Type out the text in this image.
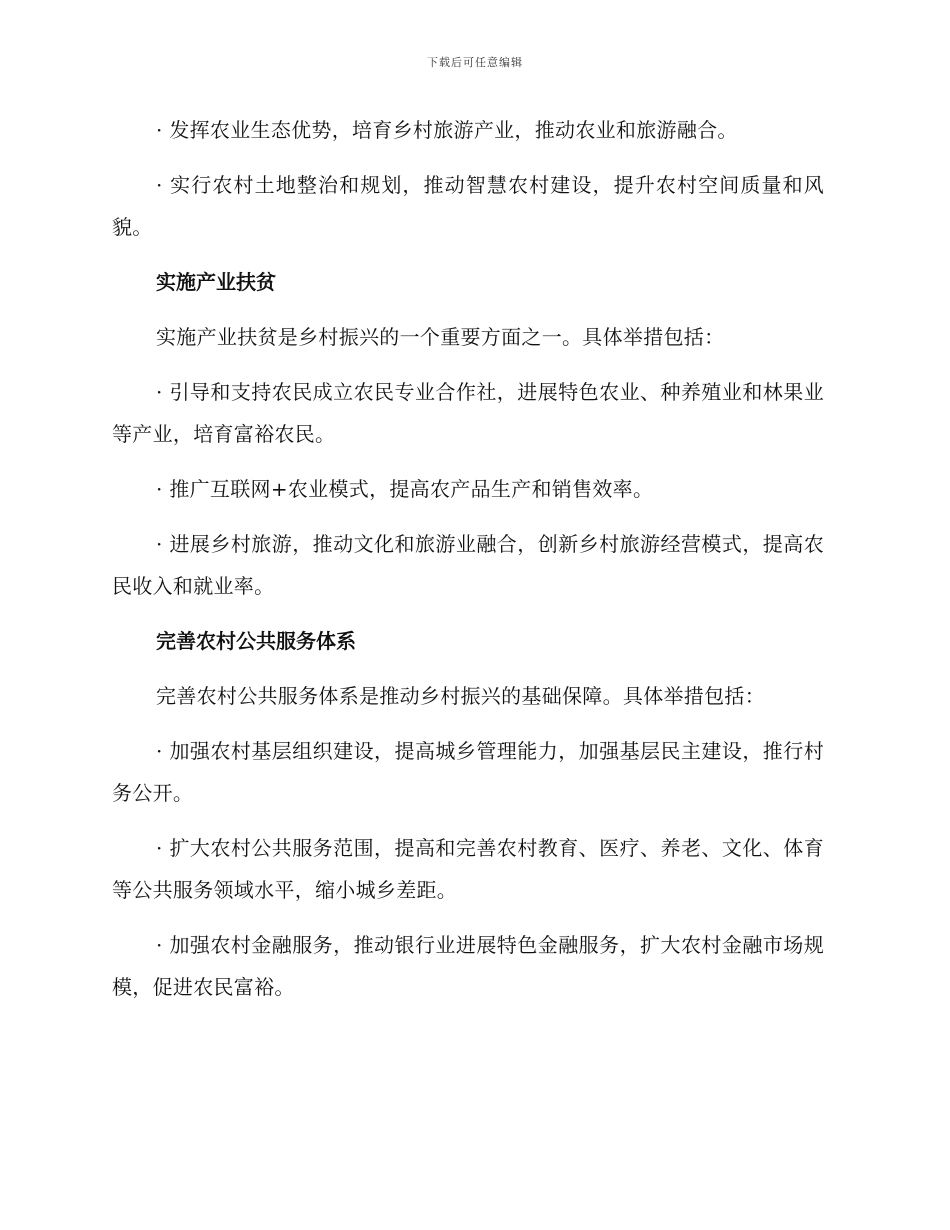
下载后可任意编辑

· 发挥农业生态优势，培育乡村旅游产业，推动农业和旅游融合。

· 实行农村土地整治和规划，推动智慧农村建设，提升农村空间质量和风貌。

实施产业扶贫

实施产业扶贫是乡村振兴的一个重要方面之一。具体举措包括：

· 引导和支持农民成立农民专业合作社，进展特色农业、种养殖业和林果业等产业，培育富裕农民。

· 推广互联网+农业模式，提高农产品生产和销售效率。

· 进展乡村旅游，推动文化和旅游业融合，创新乡村旅游经营模式，提高农民收入和就业率。

完善农村公共服务体系

完善农村公共服务体系是推动乡村振兴的基础保障。具体举措包括：

· 加强农村基层组织建设，提高城乡管理能力，加强基层民主建设，推行村务公开。

· 扩大农村公共服务范围，提高和完善农村教育、医疗、养老、文化、体育等公共服务领域水平，缩小城乡差距。

· 加强农村金融服务，推动银行业进展特色金融服务，扩大农村金融市场规模，促进农民富裕。
